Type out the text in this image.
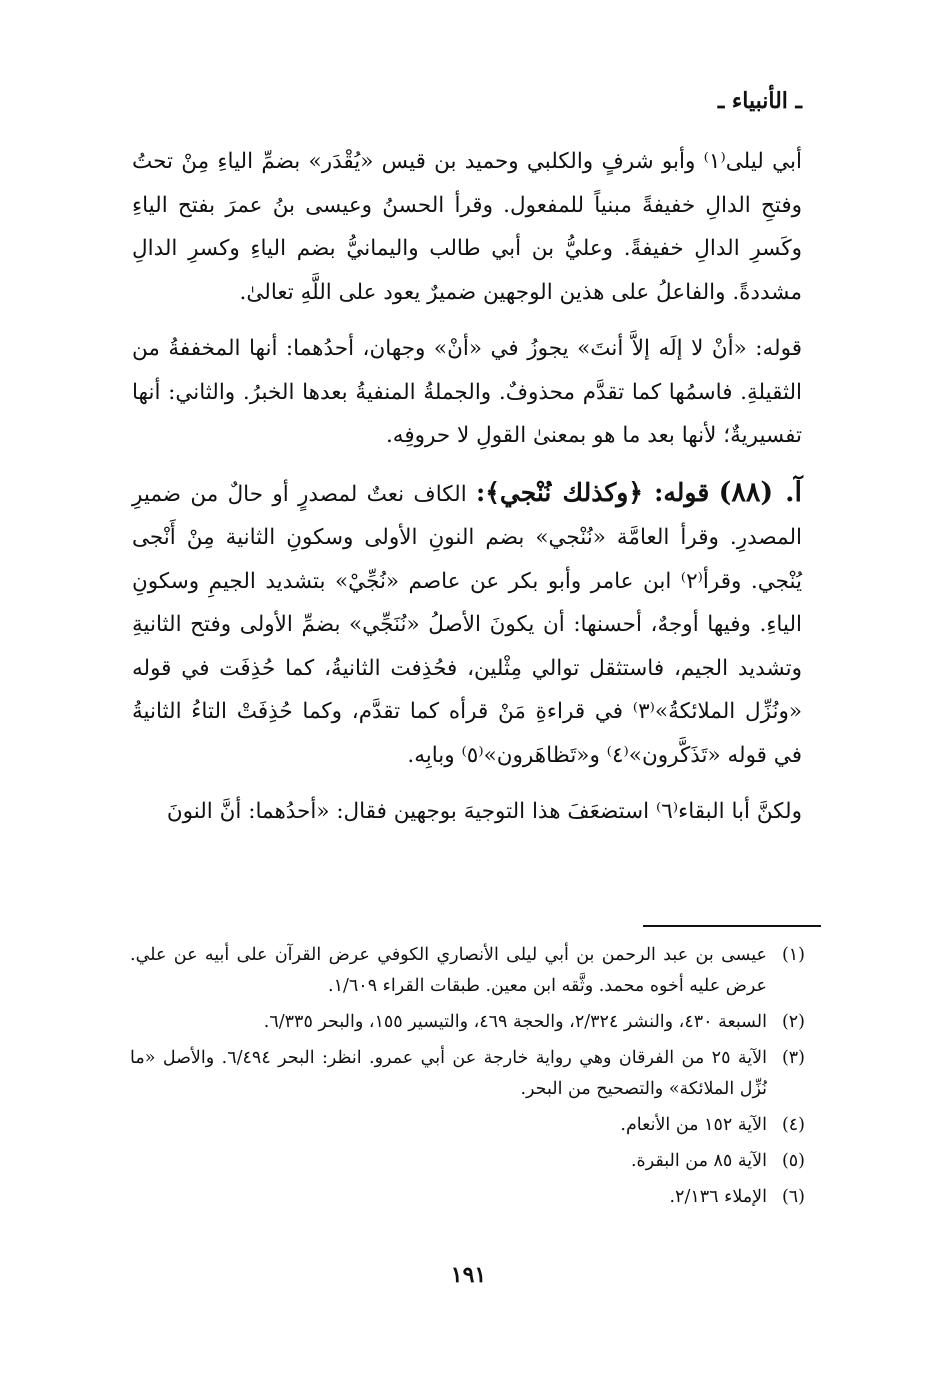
ـ الأنبياء ـ

أبي ليلى⁽١⁾ وأبو شرفٍ والكلبي وحميد بن قيس «يُقْدَر» بضمِّ الياءِ مِنْ تحتُ وفتحِ الدالِ خفيفةً مبنياً للمفعول. وقرأ الحسنُ وعيسى بنُ عمرَ بفتح الياءِ وكَسرِ الدالِ خفيفةً. وعليُّ بن أبي طالب واليمانيُّ بضم الياءِ وكسرِ الدالِ مشددةً. والفاعلُ على هذين الوجهين ضميرٌ يعود على اللَّهِ تعالىٰ.

قوله: «أنْ لا إلَه إلاَّ أنتَ» يجوزُ في «أنْ» وجهان، أحدُهما: أنها المخففةُ من الثقيلةِ. فاسمُها كما تقدَّم محذوفٌ. والجملةُ المنفيةُ بعدها الخبرُ. والثاني: أنها تفسيريةٌ؛ لأنها بعد ما هو بمعنىٰ القولِ لا حروفِه.

آ. (٨٨) قوله: ﴿وكذلك نُنْجي﴾: الكاف نعتٌ لمصدرٍ أو حالٌ من ضميرِ المصدرِ. وقرأ العامَّة «نُنْجي» بضم النونِ الأولى وسكونِ الثانية مِنْ أَنْجى يُنْجي. وقرأ⁽٢⁾ ابن عامر وأبو بكر عن عاصم «نُجِّيْ» بتشديد الجيمِ وسكونِ الياءِ. وفيها أوجهٌ، أحسنها: أن يكونَ الأصلُ «نُنَجِّي» بضمِّ الأولى وفتح الثانيةِ وتشديد الجيم، فاستثقل توالي مِثْلين، فحُذِفت الثانيةُ، كما حُذِفَت في قوله «ونُزِّل الملائكةُ»⁽٣⁾ في قراءةِ مَنْ قرأه كما تقدَّم، وكما حُذِفَتْ التاءُ الثانيةُ في قوله «تَذَكَّرون»⁽٤⁾ و«تَظاهَرون»⁽٥⁾ وبابِه.

ولكنَّ أبا البقاء⁽٦⁾ استضعَفَ هذا التوجيهَ بوجهين فقال: «أحدُهما: أنَّ النونَ

(١)
عيسى بن عبد الرحمن بن أبي ليلى الأنصاري الكوفي عرض القرآن على أبيه عن علي. عرض عليه أخوه محمد. وثَّقه ابن معين. طبقات القراء ١/٦٠٩.
(٢)
السبعة ٤٣٠، والنشر ٢/٣٢٤، والحجة ٤٦٩، والتيسير ١٥٥، والبحر ٦/٣٣٥.
(٣)
الآية ٢٥ من الفرقان وهي رواية خارجة عن أبي عمرو. انظر: البحر ٦/٤٩٤. والأصل «ما نُزِّل الملائكة» والتصحيح من البحر.
(٤)
الآية ١٥٢ من الأنعام.
(٥)
الآية ٨٥ من البقرة.
(٦)
الإملاء ٢/١٣٦.
١٩١
